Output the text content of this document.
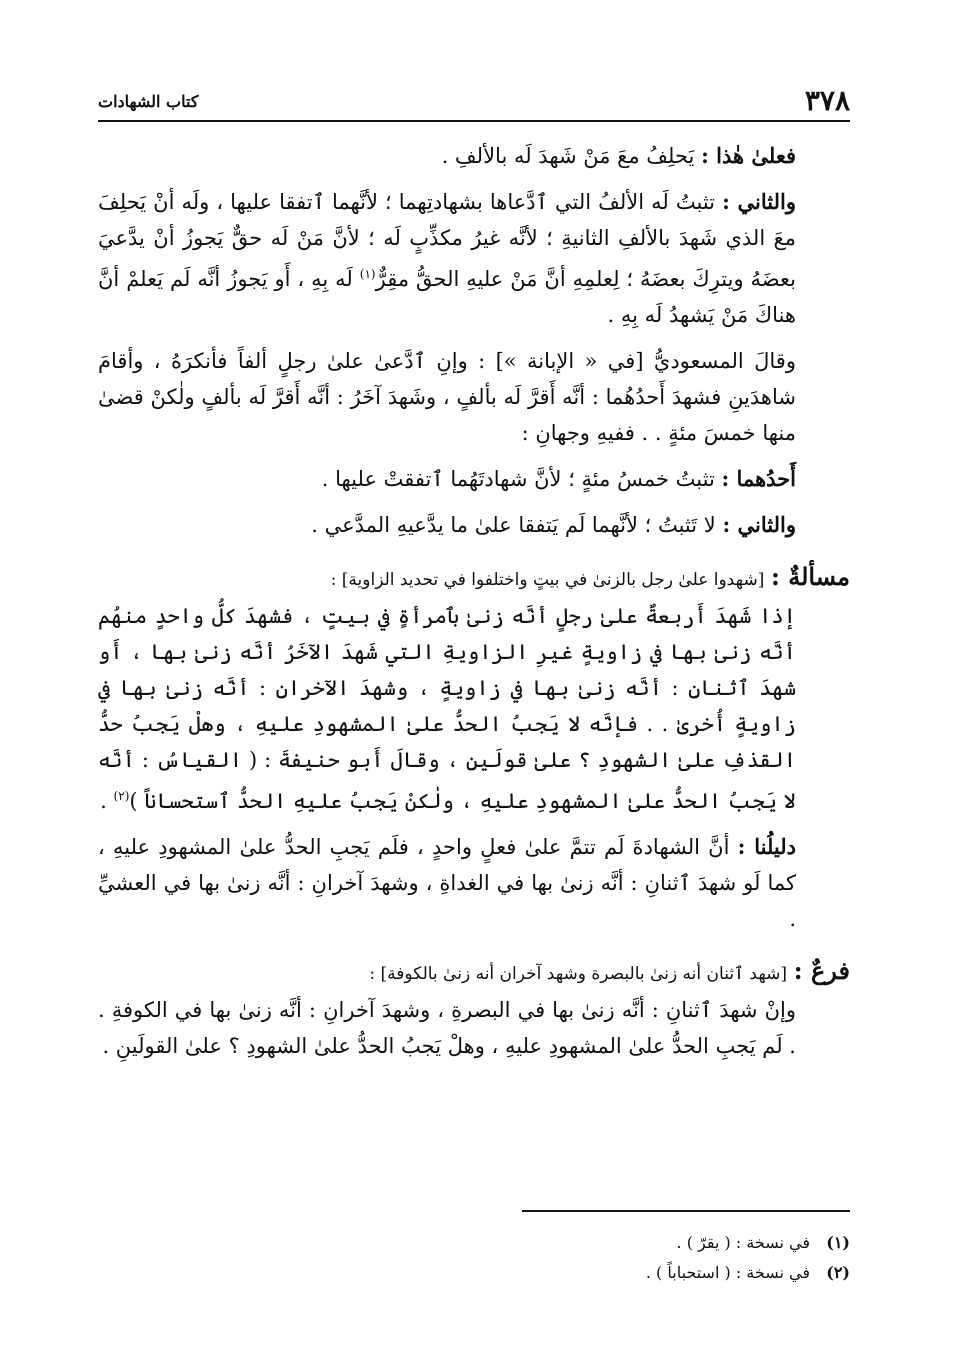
٣٧٨
كتاب الشهادات

فعلىٰ هٰذا : يَحلِفُ معَ مَنْ شَهدَ لَه بالألفِ .

والثاني : تثبتُ لَه الألفُ التي ٱدَّعاها بشهادتِهما ؛ لأنَّهما ٱتفقا عليها ، ولَه أنْ يَحلِفَ معَ الذي شَهدَ بالألفِ الثانيةِ ؛ لأنَّه غيرُ مكذِّبٍ لَه ؛ لأنَّ مَنْ لَه حقٌّ يَجوزُ أنْ يدَّعيَ بعضَهُ ويترِكَ بعضَهُ ؛ لِعلمِهِ أنَّ مَنْ عليهِ الحقُّ مقِرٌّ$^{(١)}$ لَه بِهِ ، أَو يَجوزُ أنَّه لَم يَعلمْ أنَّ هناكَ مَنْ يَشهدُ لَه بِهِ .

وقالَ المسعوديُّ [في « الإبانة »] : وإنِ ٱدَّعىٰ علىٰ رجلٍ ألفاً فأنكرَهُ ، وأقامَ شاهدَينِ فشهدَ أَحدُهُما : أنَّه أَقرَّ لَه بألفٍ ، وشَهدَ آخَرُ : أنَّه أَقرَّ لَه بألفٍ ولٰكنْ قضىٰ منها خمسَ مئةٍ . . ففيهِ وجهانِ :

أَحدُهما : تثبتُ خمسُ مئةٍ ؛ لأنَّ شهادتَهُما ٱتفقتْ عليها .

والثاني : لا تَثبتُ ؛ لأنَّهما لَم يَتفقا علىٰ ما يدَّعيهِ المدَّعي .

مسألةٌ : [شهدوا علىٰ رجل بالزنىٰ في بيتٍ واختلفوا في تحديد الزاوية] :

إذا شَهدَ أَربعةٌ علىٰ رجلٍ أنَّه زنىٰ بٱمرأةٍ في بيتٍ ، فشهدَ كلُّ واحدٍ منهُم أنَّه زنىٰ بها في زاويةٍ غيرِ الزاويةِ التي شَهدَ الآخَرُ أنَّه زنىٰ بها ، أَو شهدَ ٱثنانِ : أنَّه زنىٰ بها في زاويةٍ ، وشهدَ الآخرانِ : أنَّه زنىٰ بها في زاويةٍ أُخرىٰ . . فإنَّه لا يَجبُ الحدُّ علىٰ المشهودِ عليهِ ، وهلْ يَجبُ حدُّ القذفِ علىٰ الشهودِ ؟ علىٰ قولَينِ ، وقالَ أَبو حنيفةَ : ( القياسُ : أنَّه لا يَجبُ الحدُّ علىٰ المشهودِ عليهِ ، ولٰكنْ يَجبُ عليهِ الحدُّ ٱستحساناً )$^{(٢)}$ .

دليلُنا : أنَّ الشهادةَ لَم تتمَّ علىٰ فعلٍ واحدٍ ، فلَم يَجبِ الحدُّ علىٰ المشهودِ عليهِ ، كما لَو شهدَ ٱثنانِ : أنَّه زنىٰ بها في الغداةِ ، وشهدَ آخرانِ : أنَّه زنىٰ بها في العشيِّ .

فرعٌ : [شهد ٱثنان أنه زنىٰ بالبصرة وشهد آخران أنه زنىٰ بالكوفة] :

وإنْ شهدَ ٱثنانِ : أنَّه زنىٰ بها في البصرةِ ، وشهدَ آخرانِ : أنَّه زنىٰ بها في الكوفةِ . . لَم يَجبِ الحدُّ علىٰ المشهودِ عليهِ ، وهلْ يَجبُ الحدُّ علىٰ الشهودِ ؟ علىٰ القولَينِ .

(١)في نسخة : ( يقرّ ) .

(٢)في نسخة : ( استحباباً ) .
